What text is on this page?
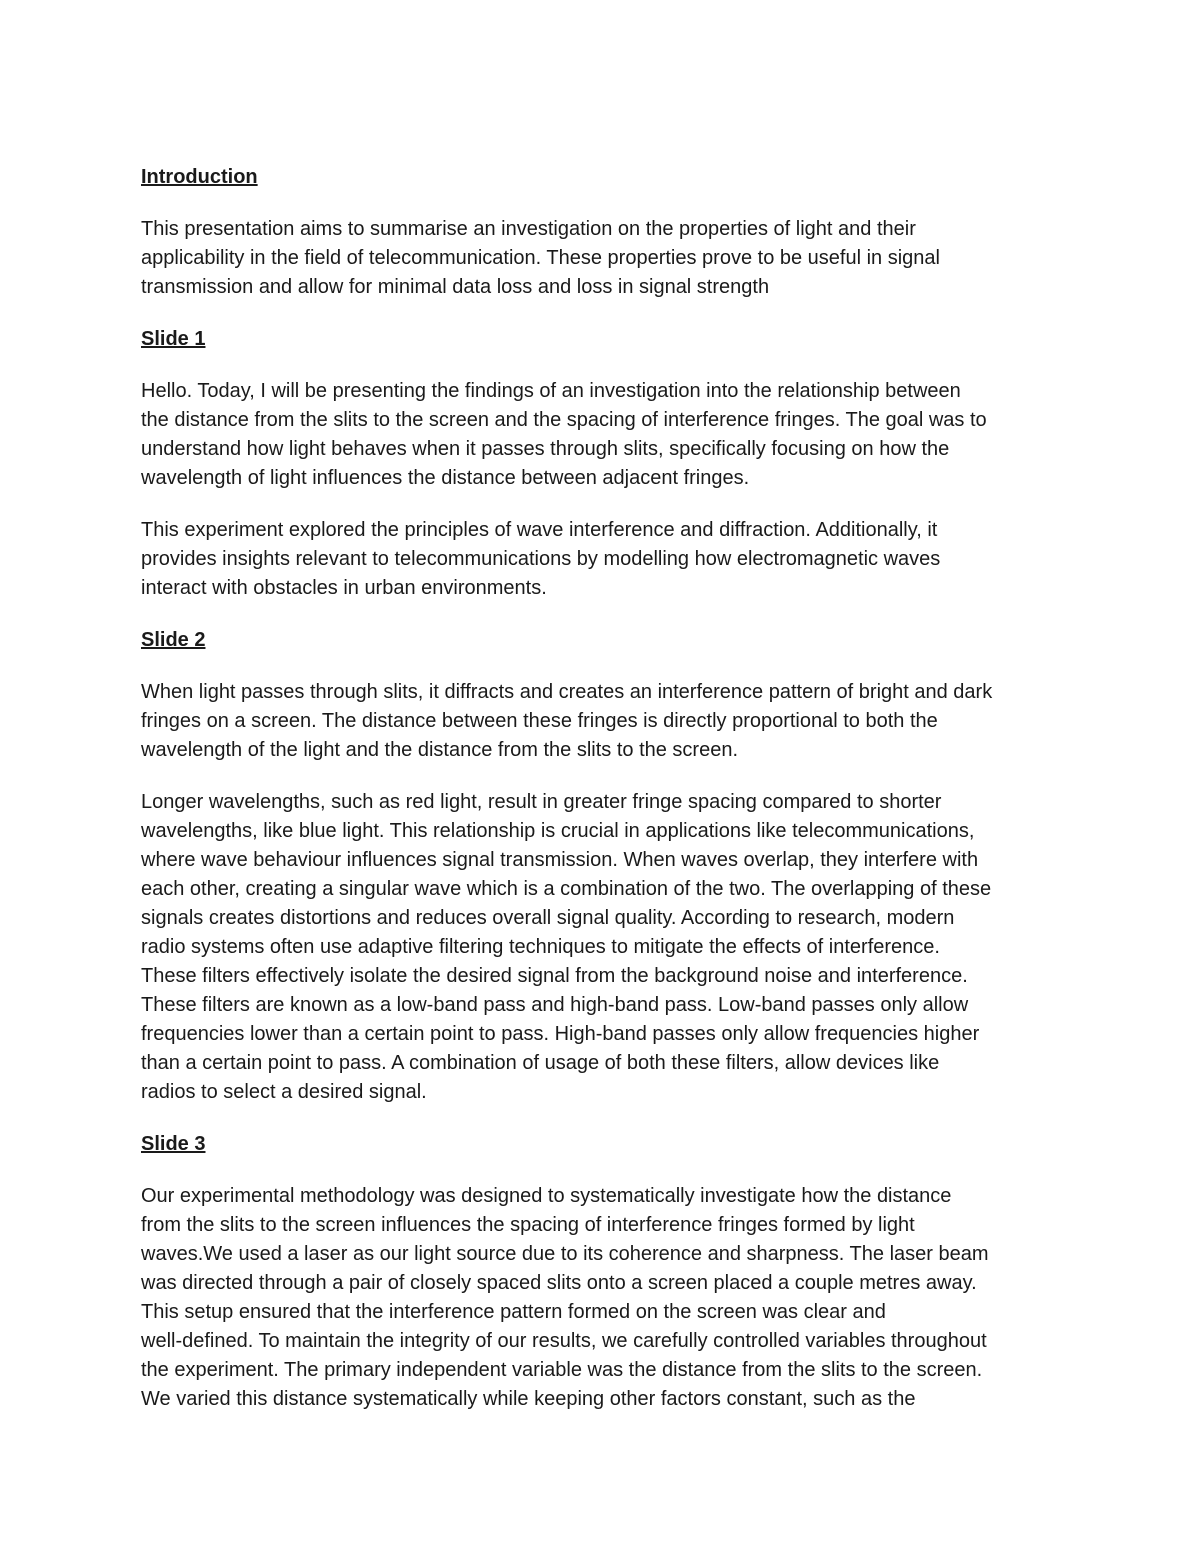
Introduction
This presentation aims to summarise an investigation on the properties of light and their
applicability in the field of telecommunication. These properties prove to be useful in signal
transmission and allow for minimal data loss and loss in signal strength
Slide 1
Hello. Today, I will be presenting the findings of an investigation into the relationship between
the distance from the slits to the screen and the spacing of interference fringes. The goal was to
understand how light behaves when it passes through slits, specifically focusing on how the
wavelength of light influences the distance between adjacent fringes.
This experiment explored the principles of wave interference and diffraction. Additionally, it
provides insights relevant to telecommunications by modelling how electromagnetic waves
interact with obstacles in urban environments.
Slide 2
When light passes through slits, it diffracts and creates an interference pattern of bright and dark
fringes on a screen. The distance between these fringes is directly proportional to both the
wavelength of the light and the distance from the slits to the screen.
Longer wavelengths, such as red light, result in greater fringe spacing compared to shorter
wavelengths, like blue light. This relationship is crucial in applications like telecommunications,
where wave behaviour influences signal transmission. When waves overlap, they interfere with
each other, creating a singular wave which is a combination of the two. The overlapping of these
signals creates distortions and reduces overall signal quality. According to research, modern
radio systems often use adaptive filtering techniques to mitigate the effects of interference.
These filters effectively isolate the desired signal from the background noise and interference.
These filters are known as a low-band pass and high-band pass. Low-band passes only allow
frequencies lower than a certain point to pass. High-band passes only allow frequencies higher
than a certain point to pass. A combination of usage of both these filters, allow devices like
radios to select a desired signal.
Slide 3
Our experimental methodology was designed to systematically investigate how the distance
from the slits to the screen influences the spacing of interference fringes formed by light
waves.We used a laser as our light source due to its coherence and sharpness. The laser beam
was directed through a pair of closely spaced slits onto a screen placed a couple metres away.
This setup ensured that the interference pattern formed on the screen was clear and
well-defined. To maintain the integrity of our results, we carefully controlled variables throughout
the experiment. The primary independent variable was the distance from the slits to the screen.
We varied this distance systematically while keeping other factors constant, such as the
